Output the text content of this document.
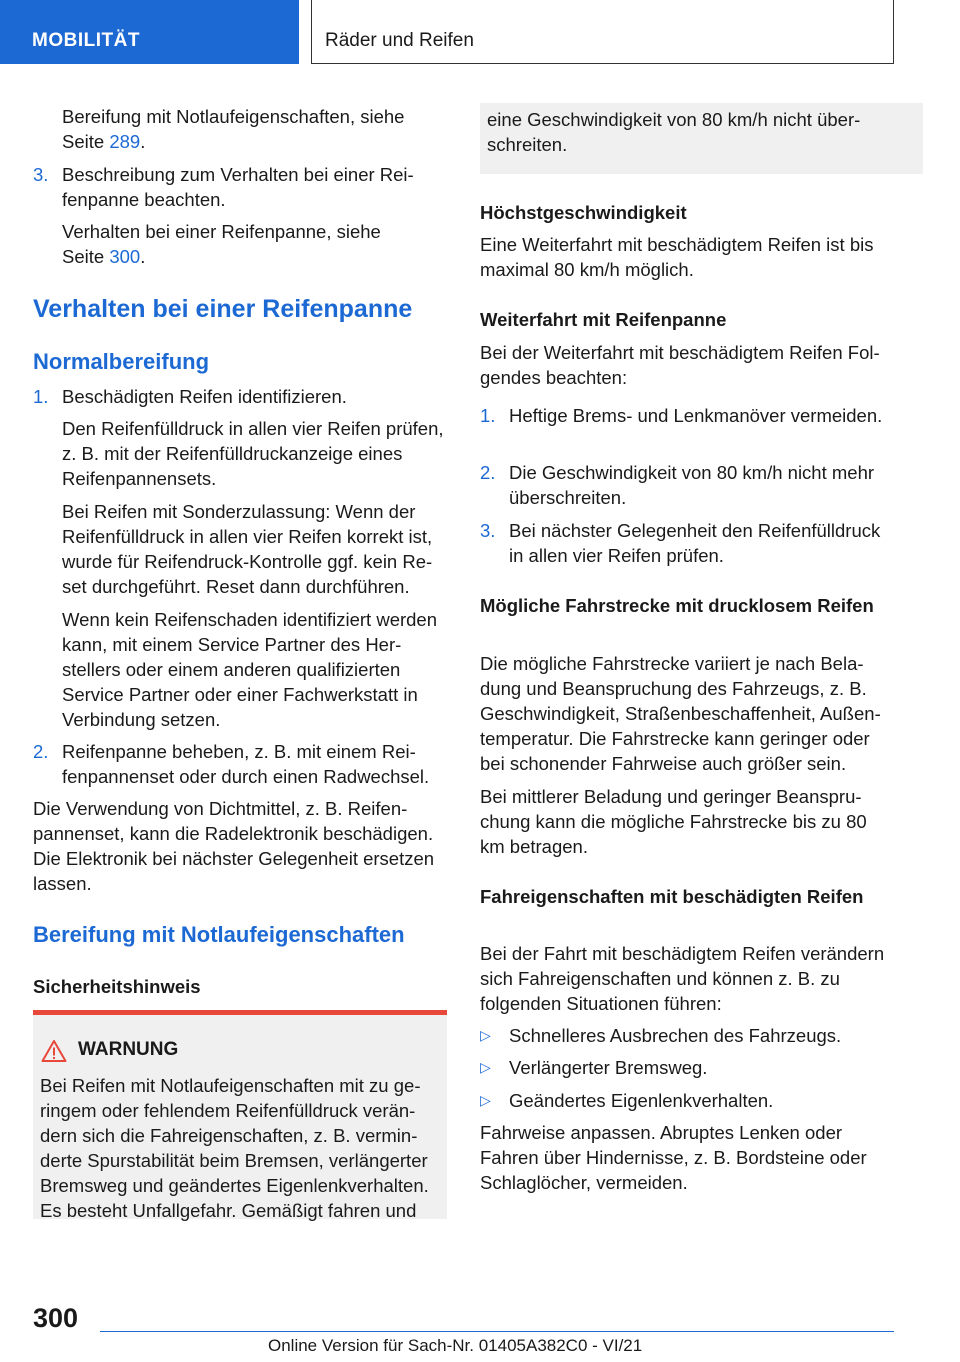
MOBILITÄT	Räder und Reifen
Bereifung mit Notlaufeigenschaften, siehe
Seite 289.
3. Beschreibung zum Verhalten bei einer Reifenpanne beachten.
Verhalten bei einer Reifenpanne, siehe
Seite 300.
Verhalten bei einer Reifenpanne
Normalbereifung
1. Beschädigten Reifen identifizieren.
Den Reifenfülldruck in allen vier Reifen prüfen, z. B. mit der Reifenfülldruckanzeige eines Reifenpannensets.
Bei Reifen mit Sonderzulassung: Wenn der Reifenfülldruck in allen vier Reifen korrekt ist, wurde für Reifendruck-Kontrolle ggf. kein Reset durchgeführt. Reset dann durchführen.
Wenn kein Reifenschaden identifiziert werden kann, mit einem Service Partner des Herstellers oder einem anderen qualifizierten Service Partner oder einer Fachwerkstatt in Verbindung setzen.
2. Reifenpanne beheben, z. B. mit einem Reifenpannenset oder durch einen Radwechsel.
Die Verwendung von Dichtmittel, z. B. Reifenpannenset, kann die Radelektronik beschädigen. Die Elektronik bei nächster Gelegenheit ersetzen lassen.
Bereifung mit Notlaufeigenschaften
Sicherheitshinweis
WARNUNG
Bei Reifen mit Notlaufeigenschaften mit zu geringem oder fehlendem Reifenfülldruck verändern sich die Fahreigenschaften, z. B. verminderte Spurstabilität beim Bremsen, verlängerter Bremsweg und geändertes Eigenlenkverhalten. Es besteht Unfallgefahr. Gemäßigt fahren und
eine Geschwindigkeit von 80 km/h nicht überschreiten.
Höchstgeschwindigkeit
Eine Weiterfahrt mit beschädigtem Reifen ist bis maximal 80 km/h möglich.
Weiterfahrt mit Reifenpanne
Bei der Weiterfahrt mit beschädigtem Reifen Folgendes beachten:
1. Heftige Brems- und Lenkmanöver vermeiden.
2. Die Geschwindigkeit von 80 km/h nicht mehr überschreiten.
3. Bei nächster Gelegenheit den Reifenfülldruck in allen vier Reifen prüfen.
Mögliche Fahrstrecke mit drucklosem Reifen
Die mögliche Fahrstrecke variiert je nach Beladung und Beanspruchung des Fahrzeugs, z. B. Geschwindigkeit, Straßenbeschaffenheit, Außentemperatur. Die Fahrstrecke kann geringer oder bei schonender Fahrweise auch größer sein.
Bei mittlerer Beladung und geringer Beanspruchung kann die mögliche Fahrstrecke bis zu 80 km betragen.
Fahreigenschaften mit beschädigten Reifen
Bei der Fahrt mit beschädigtem Reifen verändern sich Fahreigenschaften und können z. B. zu folgenden Situationen führen:
▷ Schnelleres Ausbrechen des Fahrzeugs.
▷ Verlängerter Bremsweg.
▷ Geändertes Eigenlenkverhalten.
Fahrweise anpassen. Abruptes Lenken oder Fahren über Hindernisse, z. B. Bordsteine oder Schlaglöcher, vermeiden.
300
Online Version für Sach-Nr. 01405A382C0 - VI/21
